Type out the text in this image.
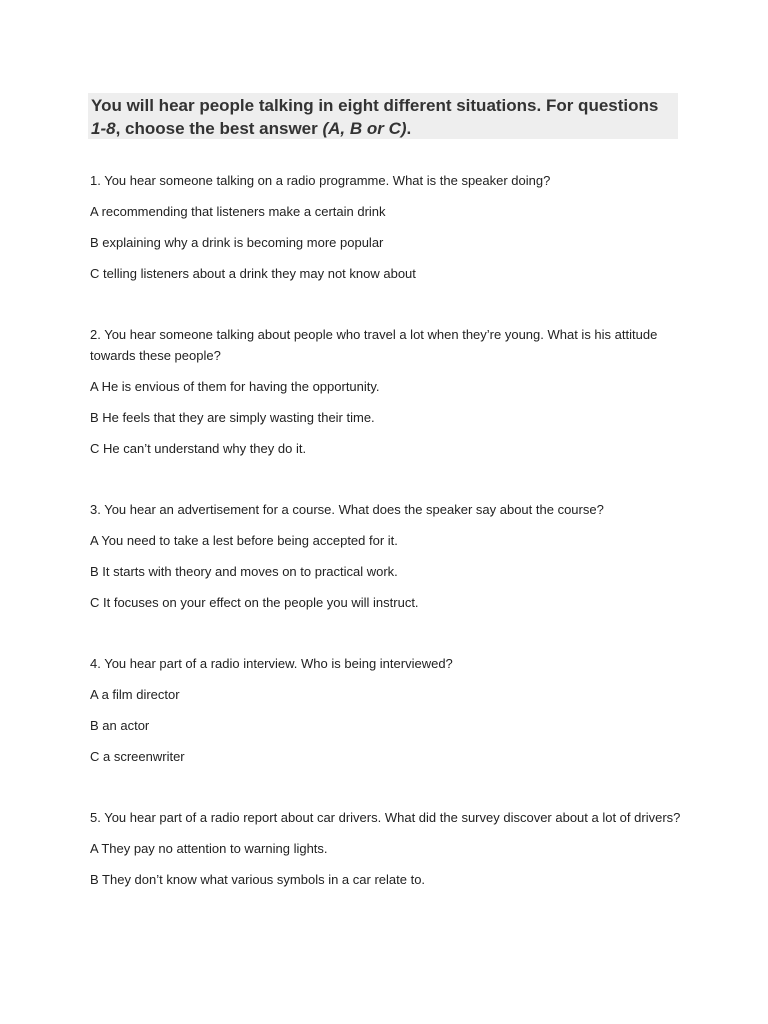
You will hear people talking in eight different situations. For questions 1-8, choose the best answer (A, B or C).

1. You hear someone talking on a radio programme. What is the speaker doing?

A recommending that listeners make a certain drink

B explaining why a drink is becoming more popular

C telling listeners about a drink they may not know about

2. You hear someone talking about people who travel a lot when they’re young. What is his attitude towards these people?

A He is envious of them for having the opportunity.

B He feels that they are simply wasting their time.

C He can’t understand why they do it.

3. You hear an advertisement for a course. What does the speaker say about the course?

A You need to take a lest before being accepted for it.

B It starts with theory and moves on to practical work.

C It focuses on your effect on the people you will instruct.

4. You hear part of a radio interview. Who is being interviewed?

A a film director

B an actor

C a screenwriter

5. You hear part of a radio report about car drivers. What did the survey discover about a lot of drivers?

A They pay no attention to warning lights.

B They don’t know what various symbols in a car relate to.
